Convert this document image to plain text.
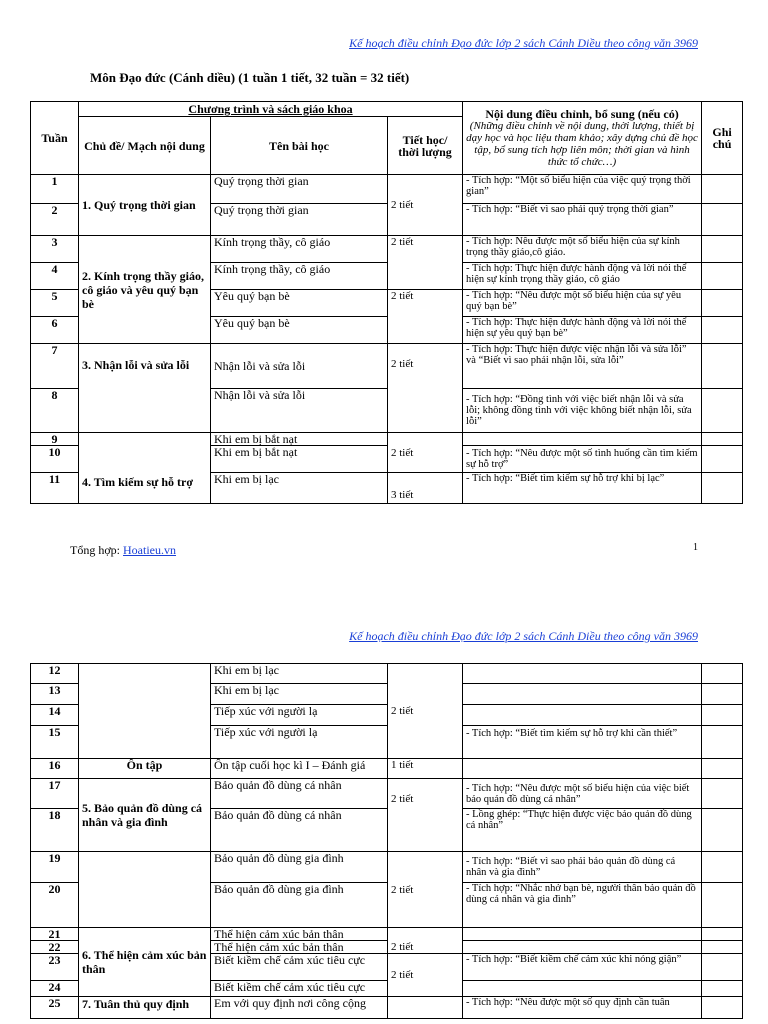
Kế hoạch điều chỉnh Đạo đức lớp 2 sách Cánh Diều theo công văn 3969
Môn Đạo đức (Cánh diều) (1 tuần 1 tiết, 32 tuần = 32 tiết)
Tuần	Chương trình và sách giáo khoa			Nội dung điều chỉnh, bổ sung (nếu có)
(Những điều chỉnh về nội dung, thời lượng, thiết bị dạy học và học liệu tham khảo; xây dựng chủ đề học tập, bổ sung tích hợp liên môn; thời gian và hình thức tổ chức…)	Ghi chú
	Chủ đề/ Mạch nội dung	Tên bài học	Tiết học/ thời lượng		
1	1. Quý trọng thời gian	Quý trọng thời gian	2 tiết	- Tích hợp: “Một số biểu hiện của việc quý trọng thời gian”	
2		Quý trọng thời gian		- Tích hợp: “Biết vì sao phải quý trọng thời gian”	
3	2. Kính trọng thầy giáo, cô giáo và yêu quý bạn bè	Kính trọng thầy, cô giáo	2 tiết	- Tích hợp: Nêu được một số biểu hiện của sự kính trọng thầy giáo,cô giáo.	
4		Kính trọng thầy, cô giáo		- Tích hợp: Thực hiện được hành động và lời nói thể hiện sự kính trọng thầy giáo, cô giáo	
5		Yêu quý bạn bè	2 tiết	- Tích hợp: “Nêu được một số biểu hiện của sự yêu quý bạn bè”	
6		Yêu quý bạn bè		- Tích hợp: Thực hiện được hành động và lời nói thể hiện sự yêu quý bạn bè”	
7	3. Nhận lỗi và sửa lỗi	Nhận lỗi và sửa lỗi	2 tiết	- Tích hợp: Thực hiện được việc nhận lỗi và sửa lỗi” và “Biết vì sao phải nhận lỗi, sửa lỗi”	
8		Nhận lỗi và sửa lỗi		- Tích hợp: “Đồng tình với việc biết nhận lỗi và sửa lỗi; không đồng tình với việc không biết nhận lỗi, sửa lỗi”	
9	4. Tìm kiếm sự hỗ trợ	Khi em bị bắt nạt	2 tiết		
10		Khi em bị bắt nạt		- Tích hợp: “Nêu được một số tình huống cần tìm kiếm sự hỗ trợ”	
11		Khi em bị lạc	3 tiết	- Tích hợp: “Biết tìm kiếm sự hỗ trợ khi bị lạc”	
Tổng hợp: Hoatieu.vn	1
Kế hoạch điều chỉnh Đạo đức lớp 2 sách Cánh Diều theo công văn 3969
12		Khi em bị lạc	2 tiết		
13		Khi em bị lạc			
14		Tiếp xúc với người lạ			
15		Tiếp xúc với người lạ		- Tích hợp: “Biết tìm kiếm sự hỗ trợ khi cần thiết”	
16	Ôn tập	Ôn tập cuối học kì I – Đánh giá	1 tiết		
17	5. Bảo quản đồ dùng cá nhân và gia đình	Bảo quản đồ dùng cá nhân	2 tiết	- Tích hợp: “Nêu được một số biểu hiện của việc biết bảo quản đồ dùng cá nhân”	
18		Bảo quản đồ dùng cá nhân		- Lồng ghép: “Thực hiện được việc bảo quản đồ dùng cá nhân”	
19		Bảo quản đồ dùng gia đình	2 tiết	- Tích hợp: “Biết vì sao phải bảo quản đồ dùng cá nhân và gia đình”	
20		Bảo quản đồ dùng gia đình		- Tích hợp: “Nhắc nhở bạn bè, người thân bảo quản đồ dùng cá nhân và gia đình”	
21	6. Thể hiện cảm xúc bản thân	Thể hiện cảm xúc bản thân	2 tiết		
22		Thể hiện cảm xúc bản thân			
23		Biết kiềm chế cảm xúc tiêu cực	2 tiết	- Tích hợp: “Biết kiềm chế cảm xúc khi nóng giận”	
24		Biết kiềm chế cảm xúc tiêu cực			
25	7. Tuân thủ quy định	Em với quy định nơi công cộng		- Tích hợp: “Nêu được một số quy định cần tuân	
